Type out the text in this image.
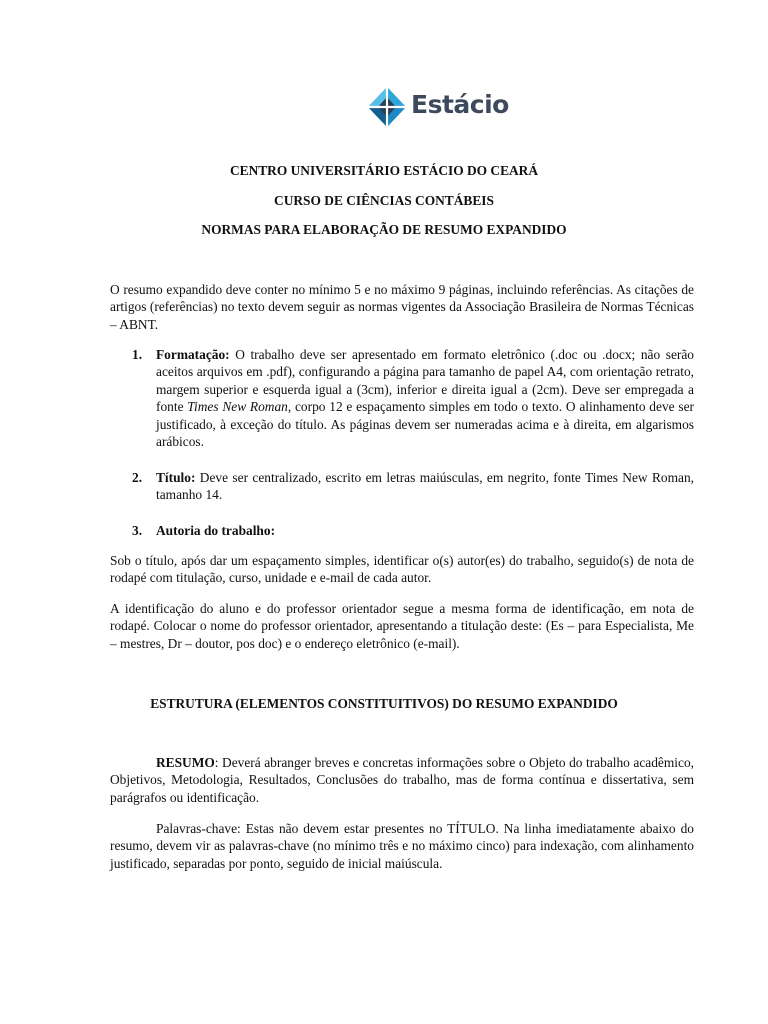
Estácio
CENTRO UNIVERSITÁRIO ESTÁCIO DO CEARÁ
CURSO DE CIÊNCIAS CONTÁBEIS
NORMAS PARA ELABORAÇÃO DE RESUMO EXPANDIDO
O resumo expandido deve conter no mínimo 5 e no máximo 9 páginas, incluindo referências. As citações de artigos (referências) no texto devem seguir as normas vigentes da Associação Brasileira de Normas Técnicas – ABNT.
1. Formatação: O trabalho deve ser apresentado em formato eletrônico (.doc ou .docx; não serão aceitos arquivos em .pdf), configurando a página para tamanho de papel A4, com orientação retrato, margem superior e esquerda igual a (3cm), inferior e direita igual a (2cm). Deve ser empregada a fonte Times New Roman, corpo 12 e espaçamento simples em todo o texto. O alinhamento deve ser justificado, à exceção do título. As páginas devem ser numeradas acima e à direita, em algarismos arábicos.
2. Título: Deve ser centralizado, escrito em letras maiúsculas, em negrito, fonte Times New Roman, tamanho 14.
3. Autoria do trabalho:
Sob o título, após dar um espaçamento simples, identificar o(s) autor(es) do trabalho, seguido(s) de nota de rodapé com titulação, curso, unidade e e-mail de cada autor.
A identificação do aluno e do professor orientador segue a mesma forma de identificação, em nota de rodapé. Colocar o nome do professor orientador, apresentando a titulação deste: (Es – para Especialista, Me – mestres, Dr – doutor, pos doc) e o endereço eletrônico (e-mail).
ESTRUTURA (ELEMENTOS CONSTITUITIVOS) DO RESUMO EXPANDIDO
RESUMO: Deverá abranger breves e concretas informações sobre o Objeto do trabalho acadêmico, Objetivos, Metodologia, Resultados, Conclusões do trabalho, mas de forma contínua e dissertativa, sem parágrafos ou identificação.
Palavras-chave: Estas não devem estar presentes no TÍTULO. Na linha imediatamente abaixo do resumo, devem vir as palavras-chave (no mínimo três e no máximo cinco) para indexação, com alinhamento justificado, separadas por ponto, seguido de inicial maiúscula.
